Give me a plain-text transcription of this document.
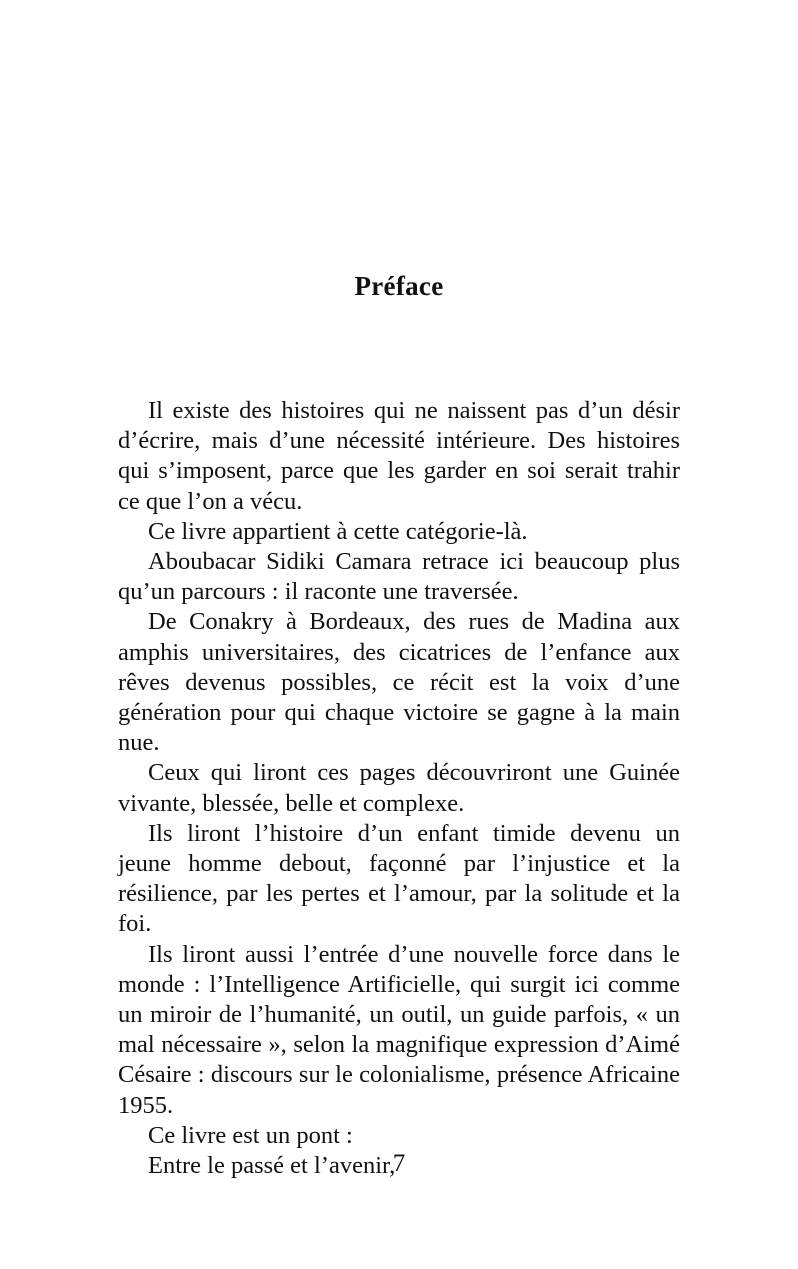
Préface

Il existe des histoires qui ne naissent pas d’un désir d’écrire, mais d’une nécessité intérieure. Des histoires qui s’imposent, parce que les garder en soi serait trahir ce que l’on a vécu.

Ce livre appartient à cette catégorie-là.

Aboubacar Sidiki Camara retrace ici beaucoup plus qu’un parcours : il raconte une traversée.

De Conakry à Bordeaux, des rues de Madina aux amphis universitaires, des cicatrices de l’enfance aux rêves devenus possibles, ce récit est la voix d’une génération pour qui chaque victoire se gagne à la main nue.

Ceux qui liront ces pages découvriront une Guinée vivante, blessée, belle et complexe.

Ils liront l’histoire d’un enfant timide devenu un jeune homme debout, façonné par l’injustice et la résilience, par les pertes et l’amour, par la solitude et la foi.

Ils liront aussi l’entrée d’une nouvelle force dans le monde : l’Intelligence Artificielle, qui surgit ici comme un miroir de l’humanité, un outil, un guide parfois, « un mal nécessaire », selon la magnifique expression d’Aimé Césaire : discours sur le colonialisme, présence Africaine 1955.

Ce livre est un pont :

Entre le passé et l’avenir,

7
